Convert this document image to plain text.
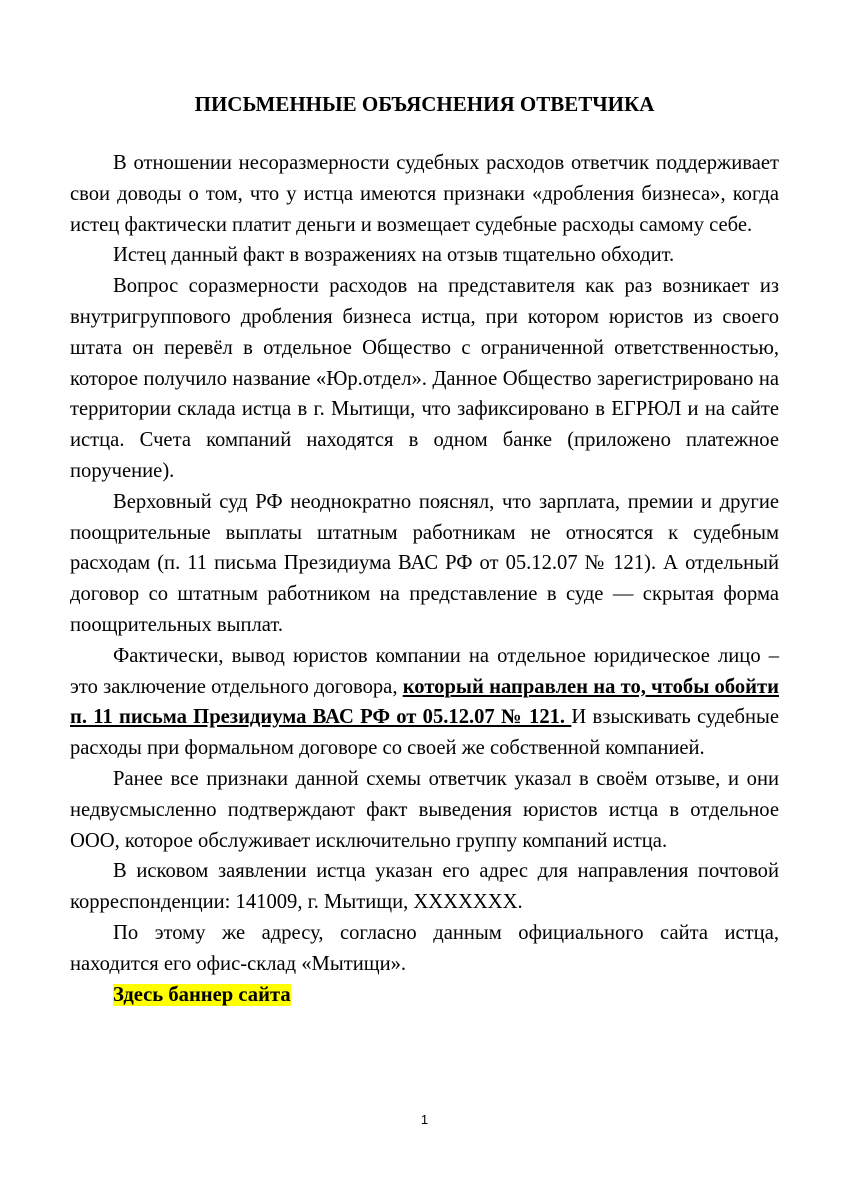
ПИСЬМЕННЫЕ ОБЪЯСНЕНИЯ ОТВЕТЧИКА

В отношении несоразмерности судебных расходов ответчик поддерживает свои доводы о том, что у истца имеются признаки «дробления бизнеса», когда истец фактически платит деньги и возмещает судебные расходы самому себе.

Истец данный факт в возражениях на отзыв тщательно обходит.

Вопрос соразмерности расходов на представителя как раз возникает из внутригруппового дробления бизнеса истца, при котором юристов из своего штата он перевёл в отдельное Общество с ограниченной ответственностью, которое получило название «Юр.отдел». Данное Общество зарегистрировано на территории склада истца в г. Мытищи, что зафиксировано в ЕГРЮЛ и на сайте истца. Счета компаний находятся в одном банке (приложено платежное поручение).

Верховный суд РФ неоднократно пояснял, что зарплата, премии и другие поощрительные выплаты штатным работникам не относятся к судебным расходам (п. 11 письма Президиума ВАС РФ от 05.12.07 № 121). А отдельный договор со штатным работником на представление в суде — скрытая форма поощрительных выплат.

Фактически, вывод юристов компании на отдельное юридическое лицо – это заключение отдельного договора, который направлен на то, чтобы обойти п. 11 письма Президиума ВАС РФ от 05.12.07 № 121. И взыскивать судебные расходы при формальном договоре со своей же собственной компанией.

Ранее все признаки данной схемы ответчик указал в своём отзыве, и они недвусмысленно подтверждают факт выведения юристов истца в отдельное ООО, которое обслуживает исключительно группу компаний истца.

В исковом заявлении истца указан его адрес для направления почтовой корреспонденции: 141009, г. Мытищи, XXXXXXX.

По этому же адресу, согласно данным официального сайта истца, находится его офис-склад «Мытищи».

Здесь баннер сайта

1
